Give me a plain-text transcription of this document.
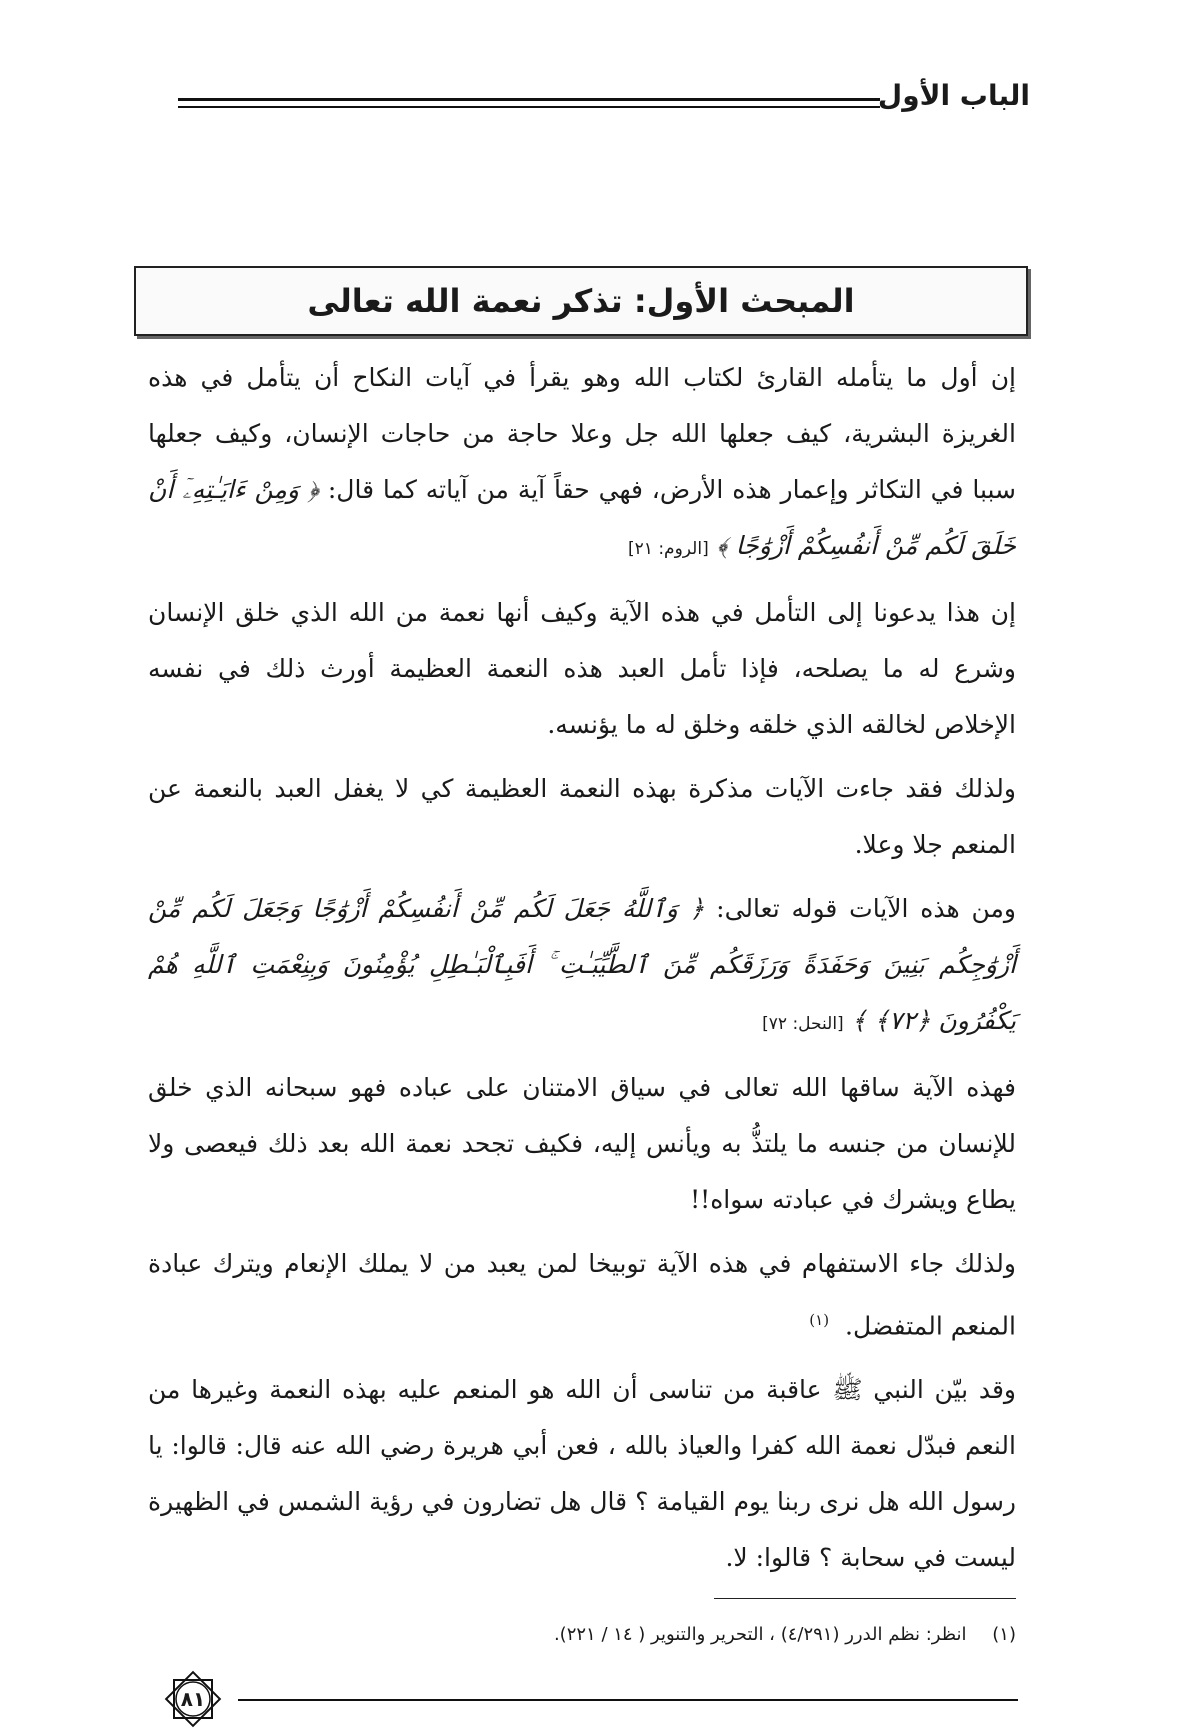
الباب الأول
المبحث الأول: تذكر نعمة الله تعالى

إن أول ما يتأمله القارئ لكتاب الله وهو يقرأ في آيات النكاح أن يتأمل في هذه الغريزة البشرية، كيف جعلها الله جل وعلا حاجة من حاجات الإنسان، وكيف جعلها سببا في التكاثر وإعمار هذه الأرض، فهي حقاً آية من آياته كما قال: ﴿ وَمِنْ ءَايَـٰتِهِۦٓ أَنْ خَلَقَ لَكُم مِّنْ أَنفُسِكُمْ أَزْوَٰجًا ﴾ [الروم: ٢١]

إن هذا يدعونا إلى التأمل في هذه الآية وكيف أنها نعمة من الله الذي خلق الإنسان وشرع له ما يصلحه، فإذا تأمل العبد هذه النعمة العظيمة أورث ذلك في نفسه الإخلاص لخالقه الذي خلقه وخلق له ما يؤنسه.

ولذلك فقد جاءت الآيات مذكرة بهذه النعمة العظيمة كي لا يغفل العبد بالنعمة عن المنعم جلا وعلا.

ومن هذه الآيات قوله تعالى: ﴿ وَٱللَّهُ جَعَلَ لَكُم مِّنْ أَنفُسِكُمْ أَزْوَٰجًا وَجَعَلَ لَكُم مِّنْ أَزْوَٰجِكُم بَنِينَ وَحَفَدَةً وَرَزَقَكُم مِّنَ ٱلطَّيِّبَـٰتِ ۚ أَفَبِٱلْبَـٰطِلِ يُؤْمِنُونَ وَبِنِعْمَتِ ٱللَّهِ هُمْ يَكْفُرُونَ ﴿٧٢﴾ ﴾ [النحل: ٧٢]

فهذه الآية ساقها الله تعالى في سياق الامتنان على عباده فهو سبحانه الذي خلق للإنسان من جنسه ما يلتذُّ به ويأنس إليه، فكيف تجحد نعمة الله بعد ذلك فيعصى ولا يطاع ويشرك في عبادته سواه!!

ولذلك جاء الاستفهام في هذه الآية توبيخا لمن يعبد من لا يملك الإنعام ويترك عبادة المنعم المتفضل. $^{(١)}$

وقد بيّن النبي ﷺ عاقبة من تناسى أن الله هو المنعم عليه بهذه النعمة وغيرها من النعم فبدّل نعمة الله كفرا والعياذ بالله ، فعن أبي هريرة رضي الله عنه قال: قالوا: يا رسول الله هل نرى ربنا يوم القيامة ؟ قال هل تضارون في رؤية الشمس في الظهيرة ليست في سحابة ؟ قالوا: لا.

(١) انظر: نظم الدرر (٤/٢٩١) ، التحرير والتنوير ( ١٤ / ٢٢١).
٨١
